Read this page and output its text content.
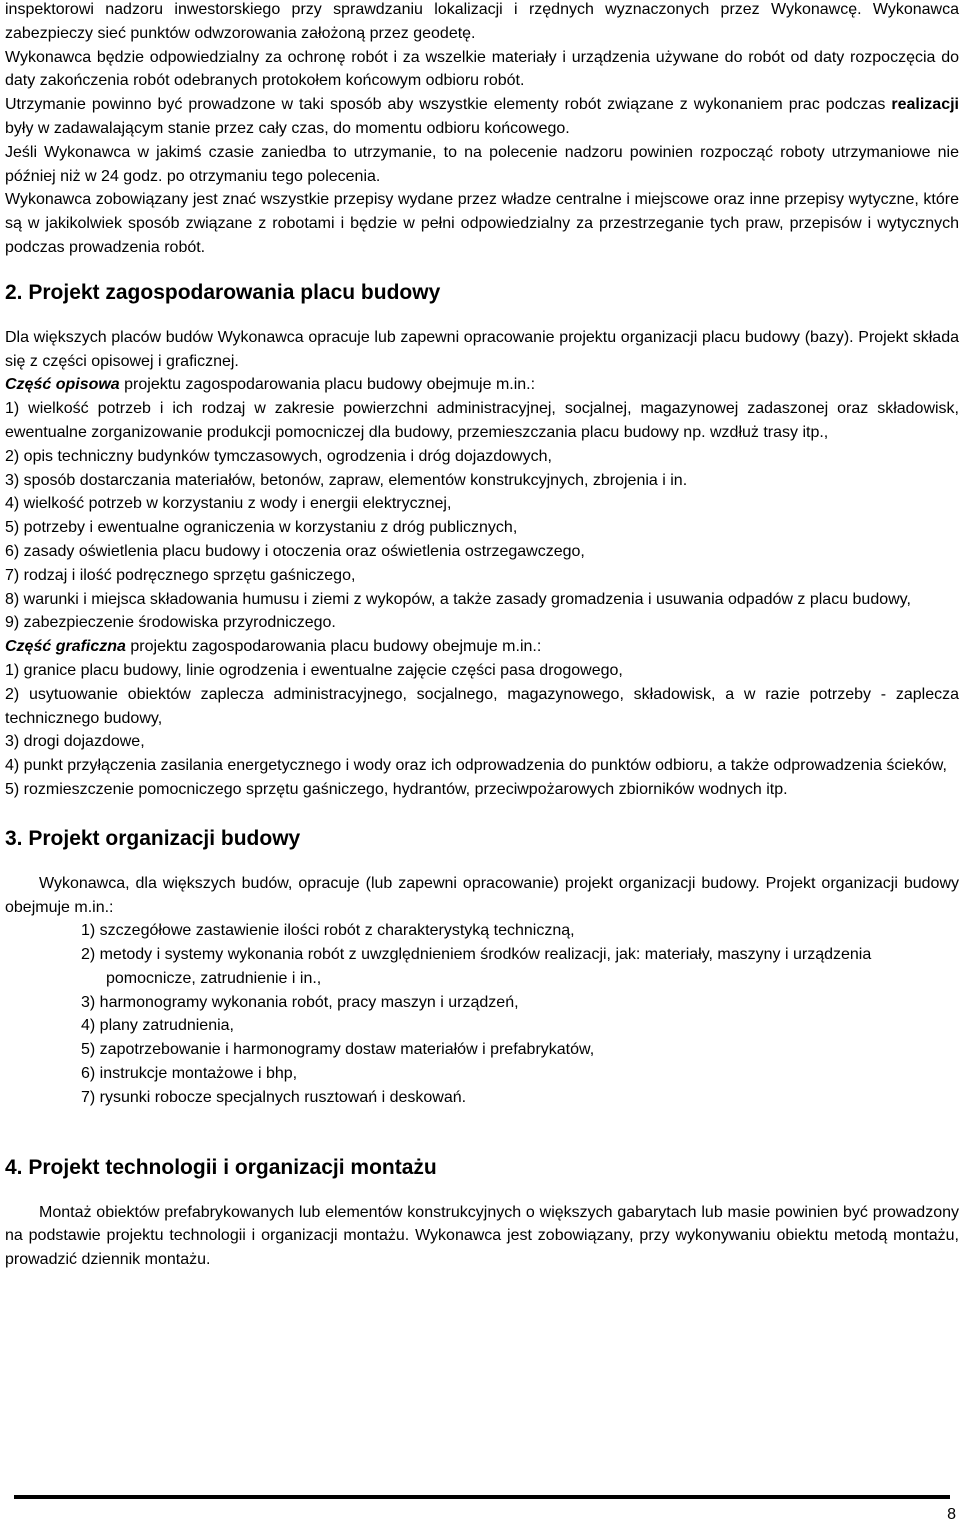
inspektorowi nadzoru inwestorskiego przy sprawdzaniu lokalizacji i rzędnych wyznaczonych przez Wykonawcę. Wykonawca zabezpieczy sieć punktów odwzorowania założoną przez geodetę.

Wykonawca będzie odpowiedzialny za ochronę robót i za wszelkie materiały i urządzenia używane do robót od daty rozpoczęcia do daty zakończenia robót odebranych protokołem końcowym odbioru robót.

Utrzymanie powinno być prowadzone w taki sposób aby wszystkie elementy robót związane z wykonaniem prac podczas realizacji były w zadawalającym stanie przez cały czas, do momentu odbioru końcowego.

Jeśli Wykonawca w jakimś czasie zaniedba to utrzymanie, to na polecenie nadzoru powinien rozpocząć roboty utrzymaniowe nie później niż w 24 godz. po otrzymaniu tego polecenia.

Wykonawca zobowiązany jest znać wszystkie przepisy wydane przez władze centralne i miejscowe oraz inne przepisy wytyczne, które są w jakikolwiek sposób związane z robotami i będzie w pełni odpowiedzialny za przestrzeganie tych praw, przepisów i wytycznych podczas prowadzenia robót.

2. Projekt zagospodarowania placu budowy

Dla większych placów budów Wykonawca opracuje lub zapewni opracowanie projektu organizacji placu budowy (bazy). Projekt składa się z części opisowej i graficznej.

Część opisowa projektu zagospodarowania placu budowy obejmuje m.in.:

1) wielkość potrzeb i ich rodzaj w zakresie powierzchni administracyjnej, socjalnej, magazynowej zadaszonej oraz składowisk, ewentualne zorganizowanie produkcji pomocniczej dla budowy, przemieszczania placu budowy np. wzdłuż trasy itp.,
2) opis techniczny budynków tymczasowych, ogrodzenia i dróg dojazdowych,
3) sposób dostarczania materiałów, betonów, zapraw, elementów konstrukcyjnych, zbrojenia i in.
4) wielkość potrzeb w korzystaniu z wody i energii elektrycznej,
5) potrzeby i ewentualne ograniczenia w korzystaniu z dróg publicznych,
6) zasady oświetlenia placu budowy i otoczenia oraz oświetlenia ostrzegawczego,
7) rodzaj i ilość podręcznego sprzętu gaśniczego,
8) warunki i miejsca składowania humusu i ziemi z wykopów, a także zasady gromadzenia i usuwania odpadów z placu budowy,
9) zabezpieczenie środowiska przyrodniczego.

Część graficzna projektu zagospodarowania placu budowy obejmuje m.in.:

1) granice placu budowy, linie ogrodzenia i ewentualne zajęcie części pasa drogowego,
2) usytuowanie obiektów zaplecza administracyjnego, socjalnego, magazynowego, składowisk, a w razie potrzeby - zaplecza technicznego budowy,
3) drogi dojazdowe,
4) punkt przyłączenia zasilania energetycznego i wody oraz ich odprowadzenia do punktów odbioru, a także odprowadzenia ścieków,
5) rozmieszczenie pomocniczego sprzętu gaśniczego, hydrantów, przeciwpożarowych zbiorników wodnych itp.
3. Projekt organizacji budowy

Wykonawca, dla większych budów, opracuje (lub zapewni opracowanie) projekt organizacji budowy. Projekt organizacji budowy obejmuje m.in.:

1) szczegółowe zastawienie ilości robót z charakterystyką techniczną,
2) metody i systemy wykonania robót z uwzględnieniem środków realizacji, jak: materiały, maszyny i urządzenia pomocnicze, zatrudnienie i in.,
3) harmonogramy wykonania robót, pracy maszyn i urządzeń,
4) plany zatrudnienia,
5) zapotrzebowanie i harmonogramy dostaw materiałów i prefabrykatów,
6) instrukcje montażowe i bhp,
7) rysunki robocze specjalnych rusztowań i deskowań.
4. Projekt technologii i organizacji montażu

Montaż obiektów prefabrykowanych lub elementów konstrukcyjnych o większych gabarytach lub masie powinien być prowadzony na podstawie projektu technologii i organizacji montażu. Wykonawca jest zobowiązany, przy wykonywaniu obiektu metodą montażu, prowadzić dziennik montażu.

8
